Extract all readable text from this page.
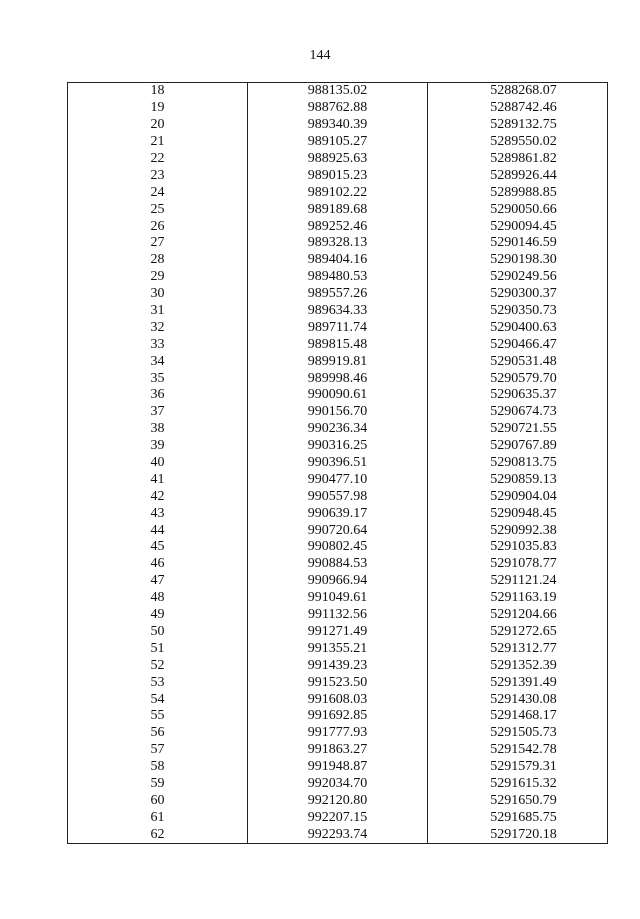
144
18	988135.02	5288268.07
19	988762.88	5288742.46
20	989340.39	5289132.75
21	989105.27	5289550.02
22	988925.63	5289861.82
23	989015.23	5289926.44
24	989102.22	5289988.85
25	989189.68	5290050.66
26	989252.46	5290094.45
27	989328.13	5290146.59
28	989404.16	5290198.30
29	989480.53	5290249.56
30	989557.26	5290300.37
31	989634.33	5290350.73
32	989711.74	5290400.63
33	989815.48	5290466.47
34	989919.81	5290531.48
35	989998.46	5290579.70
36	990090.61	5290635.37
37	990156.70	5290674.73
38	990236.34	5290721.55
39	990316.25	5290767.89
40	990396.51	5290813.75
41	990477.10	5290859.13
42	990557.98	5290904.04
43	990639.17	5290948.45
44	990720.64	5290992.38
45	990802.45	5291035.83
46	990884.53	5291078.77
47	990966.94	5291121.24
48	991049.61	5291163.19
49	991132.56	5291204.66
50	991271.49	5291272.65
51	991355.21	5291312.77
52	991439.23	5291352.39
53	991523.50	5291391.49
54	991608.03	5291430.08
55	991692.85	5291468.17
56	991777.93	5291505.73
57	991863.27	5291542.78
58	991948.87	5291579.31
59	992034.70	5291615.32
60	992120.80	5291650.79
61	992207.15	5291685.75
62	992293.74	5291720.18
